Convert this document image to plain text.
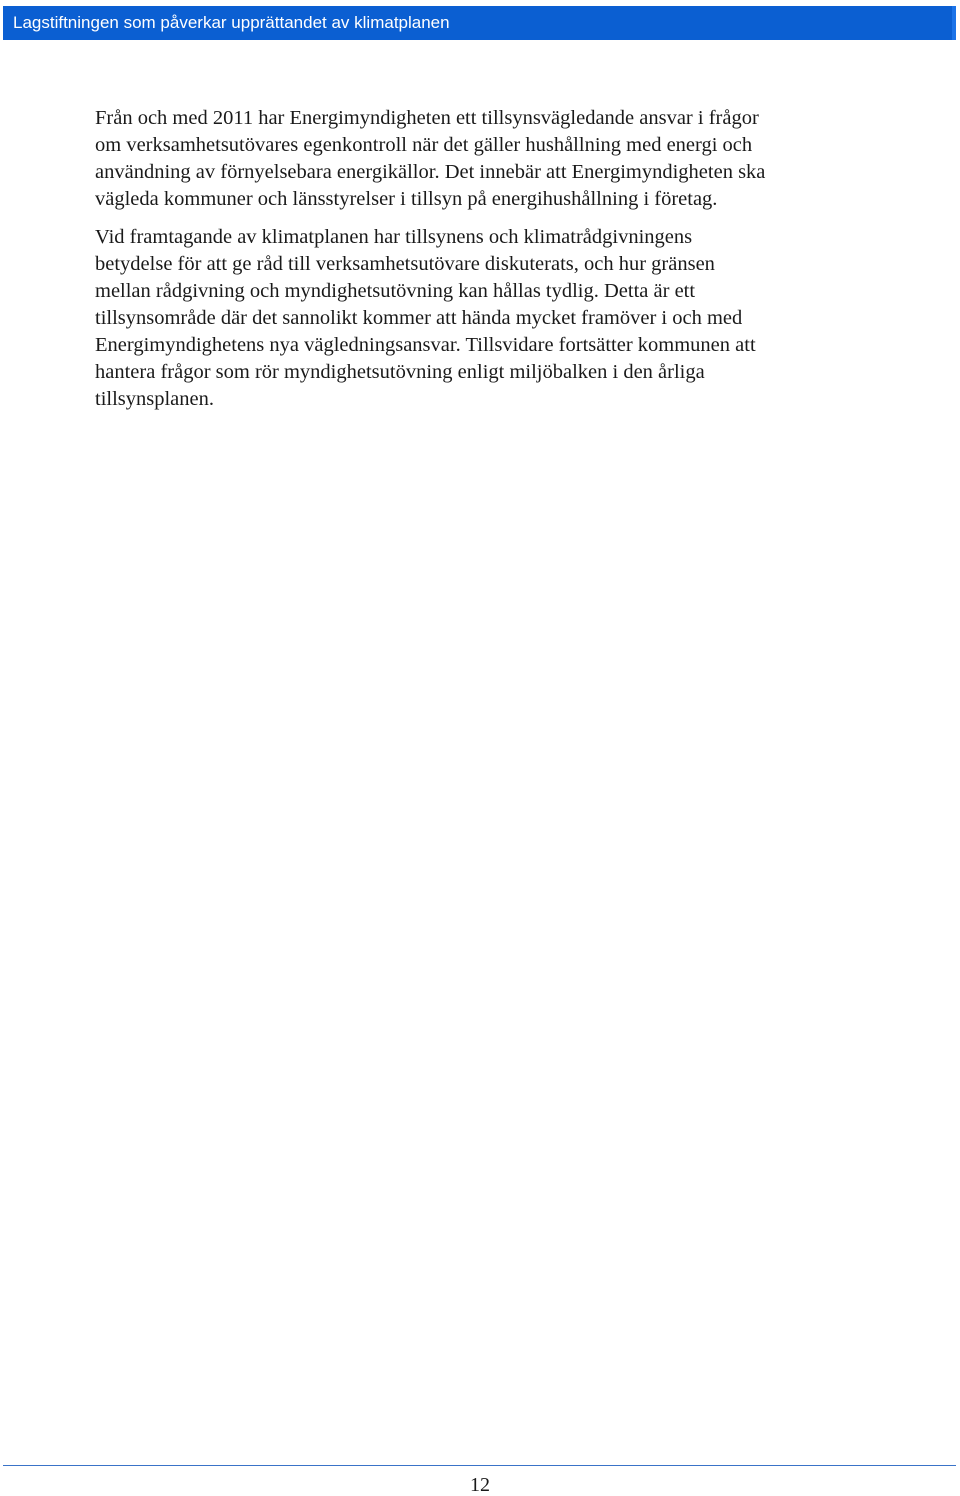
Lagstiftningen som påverkar upprättandet av klimatplanen

Från och med 2011 har Energimyndigheten ett tillsynsvägledande ansvar i frågor
om verksamhetsutövares egenkontroll när det gäller hushållning med energi och
användning av förnyelsebara energikällor. Det innebär att Energimyndigheten ska
vägleda kommuner och länsstyrelser i tillsyn på energihushållning i företag.

Vid framtagande av klimatplanen har tillsynens och klimatrådgivningens
betydelse för att ge råd till verksamhetsutövare diskuterats, och hur gränsen
mellan rådgivning och myndighetsutövning kan hållas tydlig. Detta är ett
tillsynsområde där det sannolikt kommer att hända mycket framöver i och med
Energimyndighetens nya vägledningsansvar. Tillsvidare fortsätter kommunen att
hantera frågor som rör myndighetsutövning enligt miljöbalken i den årliga
tillsynsplanen.

12
